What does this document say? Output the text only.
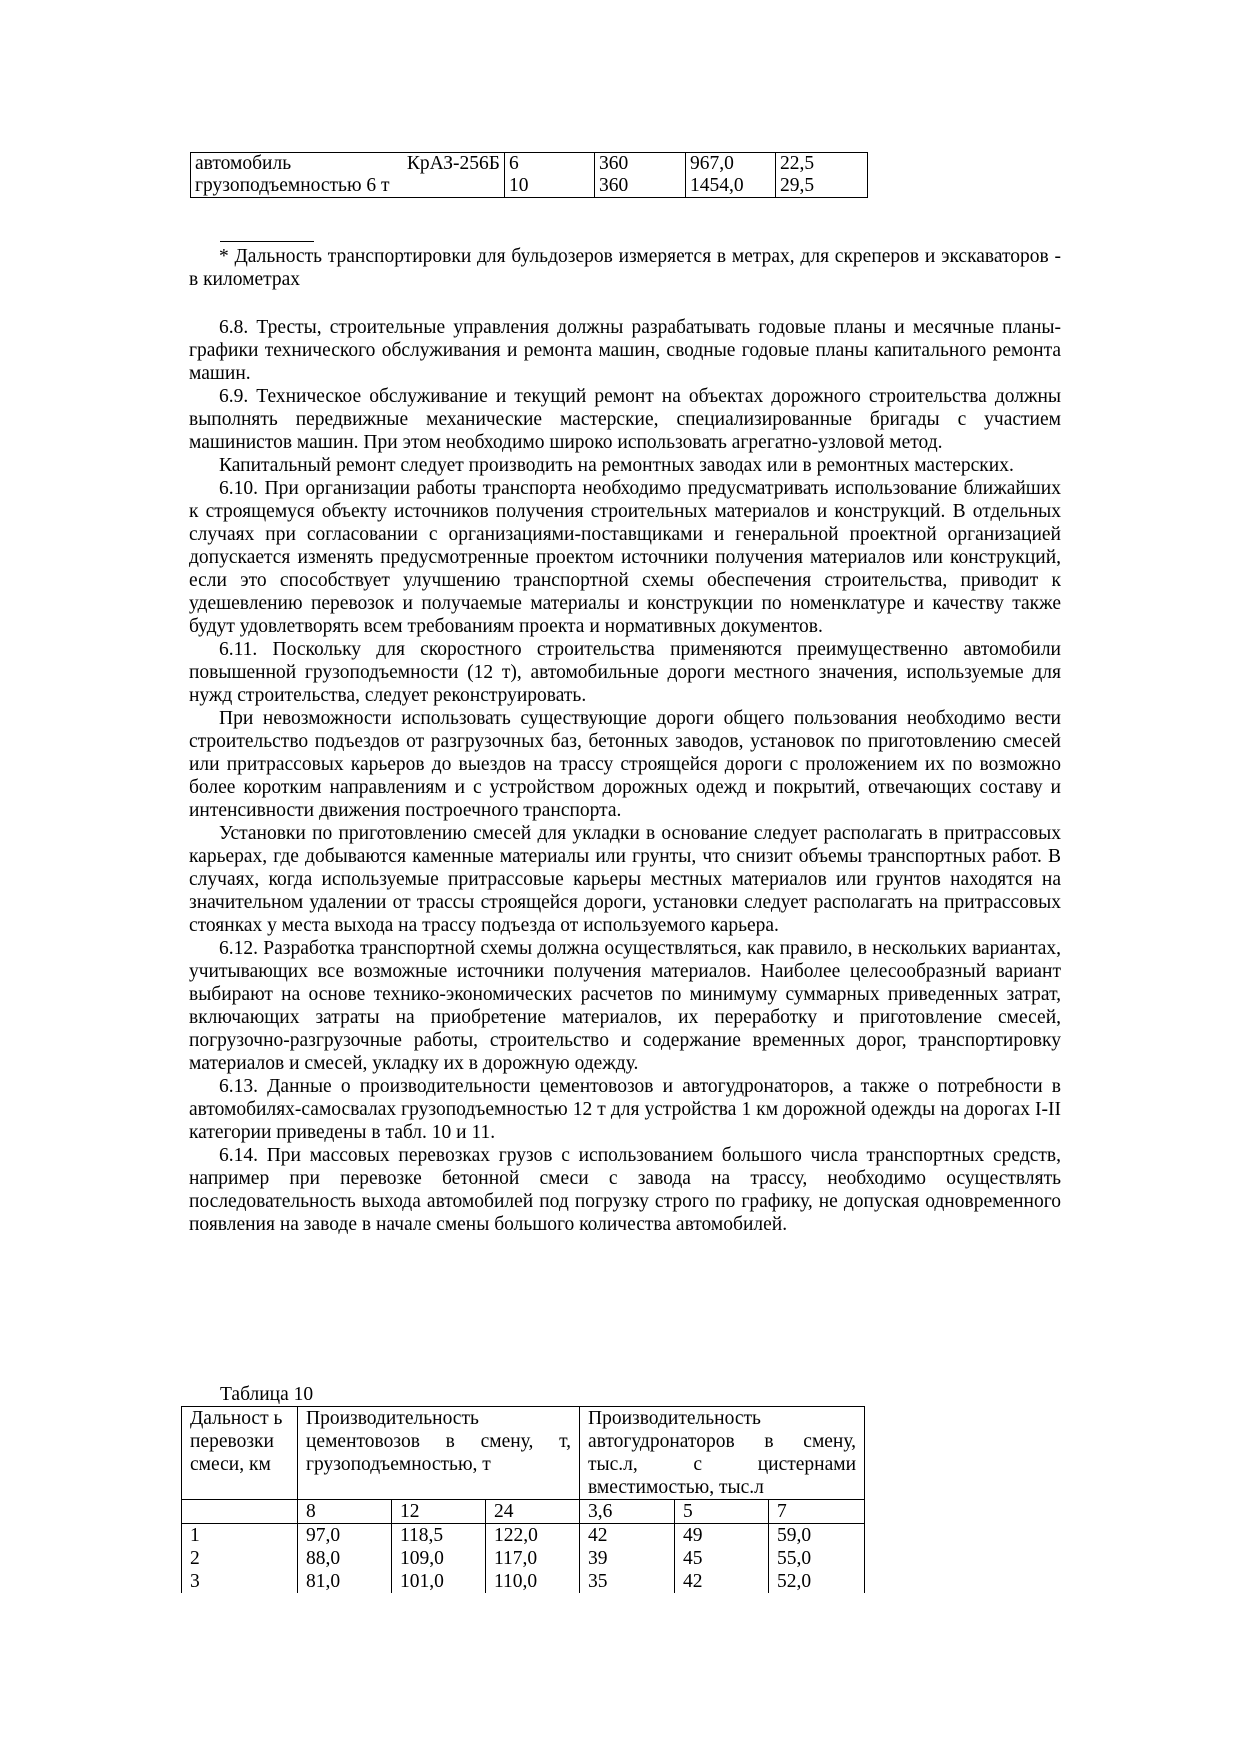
автомобиль КрАЗ-256Б	6	360	967,0	22,5
грузоподъемностью 6 т	10	360	1454,0	29,5

* Дальность транспортировки для бульдозеров измеряется в метрах, для скреперов и экскаваторов - в километрах

6.8. Тресты, строительные управления должны разрабатывать годовые планы и месячные планы-графики технического обслуживания и ремонта машин, сводные годовые планы капитального ремонта машин.

6.9. Техническое обслуживание и текущий ремонт на объектах дорожного строительства должны выполнять передвижные механические мастерские, специализированные бригады с участием машинистов машин. При этом необходимо широко использовать агрегатно-узловой метод.

Капитальный ремонт следует производить на ремонтных заводах или в ремонтных мастерских.

6.10. При организации работы транспорта необходимо предусматривать использование ближайших к строящемуся объекту источников получения строительных материалов и конструкций. В отдельных случаях при согласовании с организациями-поставщиками и генеральной проектной организацией допускается изменять предусмотренные проектом источники получения материалов или конструкций, если это способствует улучшению транспортной схемы обеспечения строительства, приводит к удешевлению перевозок и получаемые материалы и конструкции по номенклатуре и качеству также будут удовлетворять всем требованиям проекта и нормативных документов.

6.11. Поскольку для скоростного строительства применяются преимущественно автомобили повышенной грузоподъемности (12 т), автомобильные дороги местного значения, используемые для нужд строительства, следует реконструировать.

При невозможности использовать существующие дороги общего пользования необходимо вести строительство подъездов от разгрузочных баз, бетонных заводов, установок по приготовлению смесей или притрассовых карьеров до выездов на трассу строящейся дороги с проложением их по возможно более коротким направлениям и с устройством дорожных одежд и покрытий, отвечающих составу и интенсивности движения построечного транспорта.

Установки по приготовлению смесей для укладки в основание следует располагать в притрассовых карьерах, где добываются каменные материалы или грунты, что снизит объемы транспортных работ. В случаях, когда используемые притрассовые карьеры местных материалов или грунтов находятся на значительном удалении от трассы строящейся дороги, установки следует располагать на притрассовых стоянках у места выхода на трассу подъезда от используемого карьера.

6.12. Разработка транспортной схемы должна осуществляться, как правило, в нескольких вариантах, учитывающих все возможные источники получения материалов. Наиболее целесообразный вариант выбирают на основе технико-экономических расчетов по минимуму суммарных приведенных затрат, включающих затраты на приобретение материалов, их переработку и приготовление смесей, погрузочно-разгрузочные работы, строительство и содержание временных дорог, транспортировку материалов и смесей, укладку их в дорожную одежду.

6.13. Данные о производительности цементовозов и автогудронаторов, а также о потребности в автомобилях-самосвалах грузоподъемностью 12 т для устройства 1 км дорожной одежды на дорогах I-II категории приведены в табл. 10 и 11.

6.14. При массовых перевозках грузов с использованием большого числа транспортных средств, например при перевозке бетонной смеси с завода на трассу, необходимо осуществлять последовательность выхода автомобилей под погрузку строго по графику, не допуская одновременного появления на заводе в начале смены большого количества автомобилей.

Таблица 10
Дальност ь перевозки смеси, км	Производительность цементовозов в смену, т, грузоподъемностью, т			Производительность автогудронаторов в смену, тыс.л, с цистернами вместимостью, тыс.л		
	8	12	24	3,6	5	7
1	97,0	118,5	122,0	42	49	59,0
2	88,0	109,0	117,0	39	45	55,0
3	81,0	101,0	110,0	35	42	52,0
